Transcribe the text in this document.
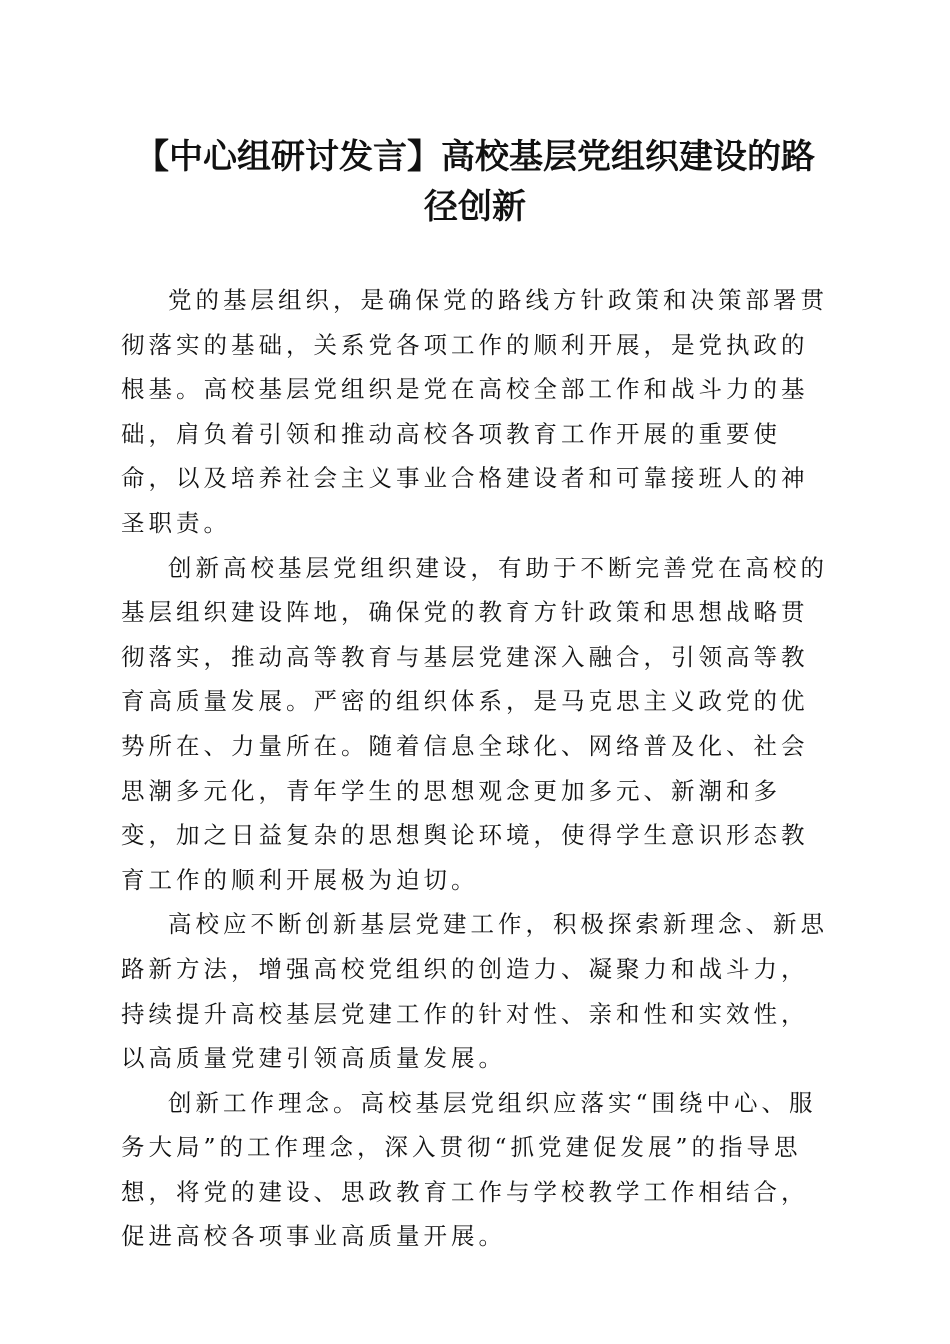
【中心组研讨发言】高校基层党组织建设的路
径创新

党的基层组织，是确保党的路线方针政策和决策部署贯彻落实的基础，关系党各项工作的顺利开展，是党执政的根基。高校基层党组织是党在高校全部工作和战斗力的基础，肩负着引领和推动高校各项教育工作开展的重要使命，以及培养社会主义事业合格建设者和可靠接班人的神圣职责。

创新高校基层党组织建设，有助于不断完善党在高校的基层组织建设阵地，确保党的教育方针政策和思想战略贯彻落实，推动高等教育与基层党建深入融合，引领高等教育高质量发展。严密的组织体系，是马克思主义政党的优势所在、力量所在。随着信息全球化、网络普及化、社会思潮多元化，青年学生的思想观念更加多元、新潮和多变，加之日益复杂的思想舆论环境，使得学生意识形态教育工作的顺利开展极为迫切。

高校应不断创新基层党建工作，积极探索新理念、新思路新方法，增强高校党组织的创造力、凝聚力和战斗力，持续提升高校基层党建工作的针对性、亲和性和实效性，以高质量党建引领高质量发展。

创新工作理念。高校基层党组织应落实“围绕中心、服务大局”的工作理念，深入贯彻“抓党建促发展”的指导思想，将党的建设、思政教育工作与学校教学工作相结合，促进高校各项事业高质量开展。
